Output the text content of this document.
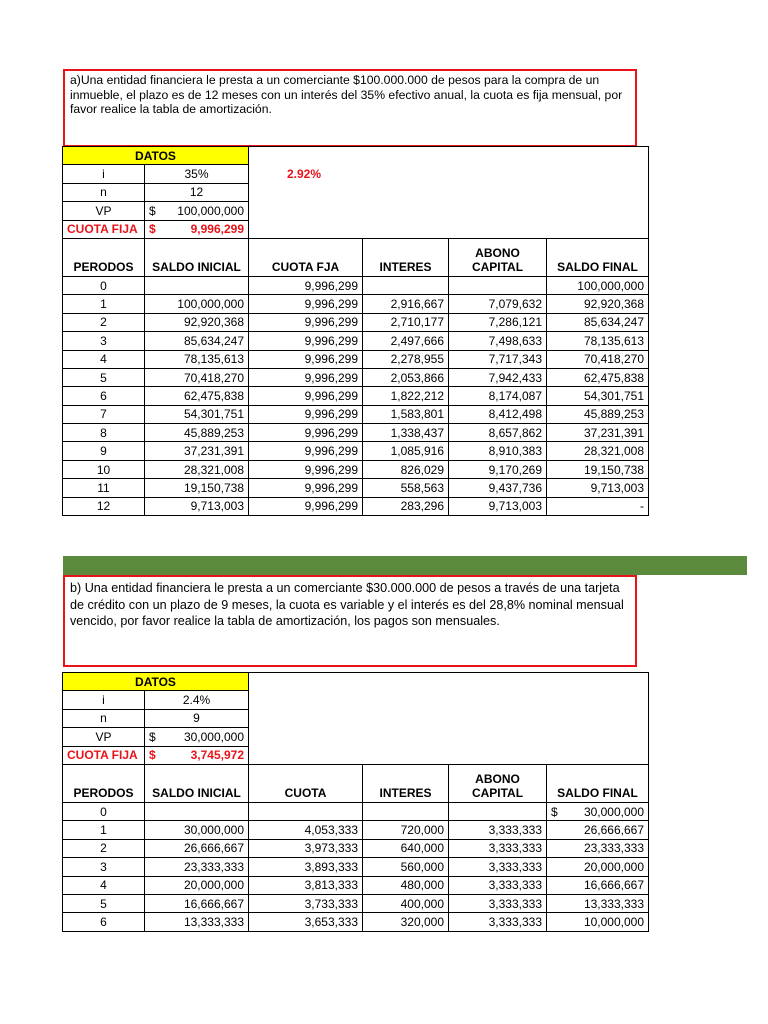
a)Una entidad financiera le presta a un comerciante $100.000.000 de pesos para la compra de un inmueble, el plazo es de 12 meses con un interés del 35% efectivo anual, la cuota es fija mensual, por favor realice la tabla de amortización.
DATOS		2.92%			

i	35%				
n	12				
VP	$ 100,000,000				
CUOTA FIJA	$ 9,996,299				
PERODOS	SALDO INICIAL	CUOTA FJA	INTERES	ABONO CAPITAL	SALDO FINAL
0		9,996,299			100,000,000
1	100,000,000	9,996,299	2,916,667	7,079,632	92,920,368
2	92,920,368	9,996,299	2,710,177	7,286,121	85,634,247
3	85,634,247	9,996,299	2,497,666	7,498,633	78,135,613
4	78,135,613	9,996,299	2,278,955	7,717,343	70,418,270
5	70,418,270	9,996,299	2,053,866	7,942,433	62,475,838
6	62,475,838	9,996,299	1,822,212	8,174,087	54,301,751
7	54,301,751	9,996,299	1,583,801	8,412,498	45,889,253
8	45,889,253	9,996,299	1,338,437	8,657,862	37,231,391
9	37,231,391	9,996,299	1,085,916	8,910,383	28,321,008
10	28,321,008	9,996,299	826,029	9,170,269	19,150,738
11	19,150,738	9,996,299	558,563	9,437,736	9,713,003
12	9,713,003	9,996,299	283,296	9,713,003	-
b) Una entidad financiera le presta a un comerciante $30.000.000 de pesos a través de una tarjeta de crédito con un plazo de 9 meses, la cuota es variable y el interés es del 28,8% nominal mensual vencido, por favor realice la tabla de amortización, los pagos son mensuales.
DATOS					
i	2.4%				
n	9				
VP	$ 30,000,000				
CUOTA FIJA	$ 3,745,972				
PERODOS	SALDO INICIAL	CUOTA	INTERES	ABONO CAPITAL	SALDO FINAL
0					$ 30,000,000
1	30,000,000	4,053,333	720,000	3,333,333	26,666,667
2	26,666,667	3,973,333	640,000	3,333,333	23,333,333
3	23,333,333	3,893,333	560,000	3,333,333	20,000,000
4	20,000,000	3,813,333	480,000	3,333,333	16,666,667
5	16,666,667	3,733,333	400,000	3,333,333	13,333,333
6	13,333,333	3,653,333	320,000	3,333,333	10,000,000
